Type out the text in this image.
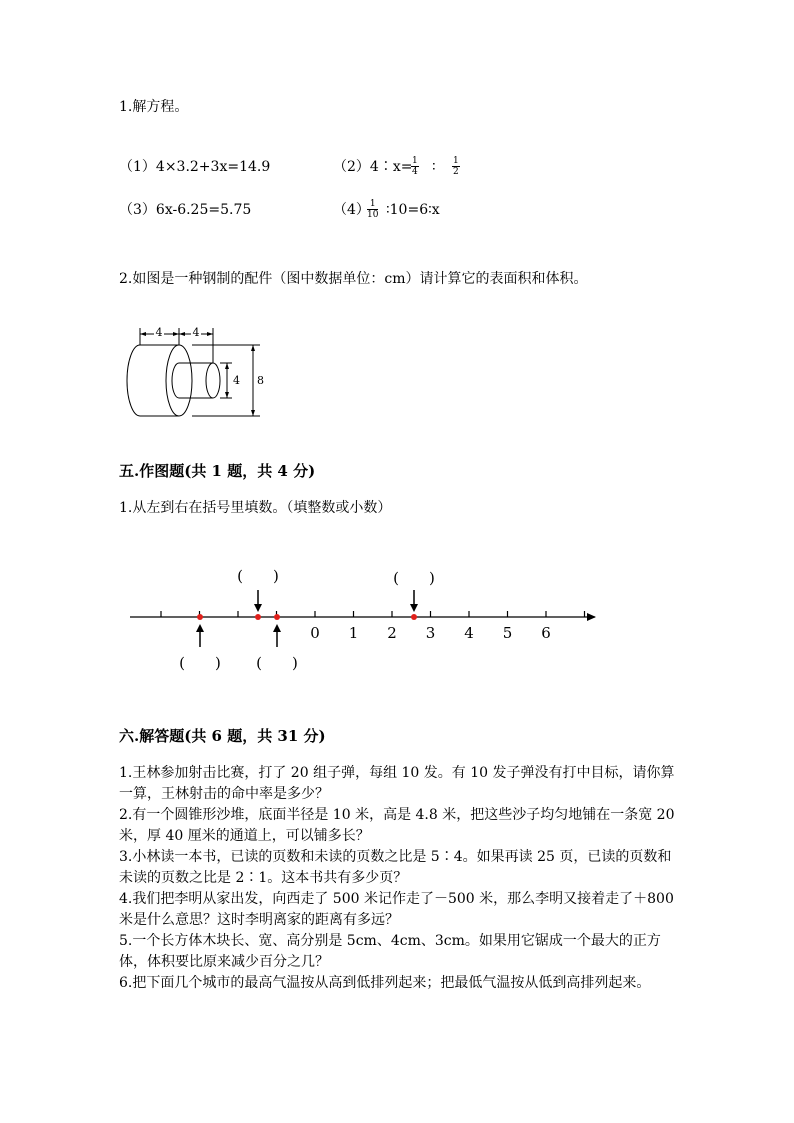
1.解方程。
（1）4×3.2+3x=14.9	（2）4∶x=
$\frac{1}{4}$ ∶ $\frac{1}{2}$
（3）6x-6.25=5.75	（4）
$\frac{1}{10}$ ∶10=6∶x
2.如图是一种钢制的配件（图中数据单位：cm）请计算它的表面积和体积。
4	4
4 8
五.作图题(共 1 题，共 4 分)
1.从左到右在括号里填数。（填整数或小数）
0 1 2 3 4 5 6
(　　)	(　　)
(　　) (　　)
六.解答题(共 6 题，共 31 分)
1.王林参加射击比赛，打了 20 组子弹，每组 10 发。有 10 发子弹没有打中目标，请你算一算，王林射击的命中率是多少？
2.有一个圆锥形沙堆，底面半径是 10 米，高是 4.8 米，把这些沙子均匀地铺在一条宽 20 米，厚 40 厘米的通道上，可以铺多长？
3.小林读一本书，已读的页数和未读的页数之比是 5∶4。如果再读 25 页，已读的页数和未读的页数之比是 2∶1。这本书共有多少页？
4.我们把李明从家出发，向西走了 500 米记作走了－500 米，那么李明又接着走了＋800 米是什么意思？这时李明离家的距离有多远？
5.一个长方体木块长、宽、高分别是 5cm、4cm、3cm。如果用它锯成一个最大的正方体，体积要比原来减少百分之几？
6.把下面几个城市的最高气温按从高到低排列起来；把最低气温按从低到高排列起来。
